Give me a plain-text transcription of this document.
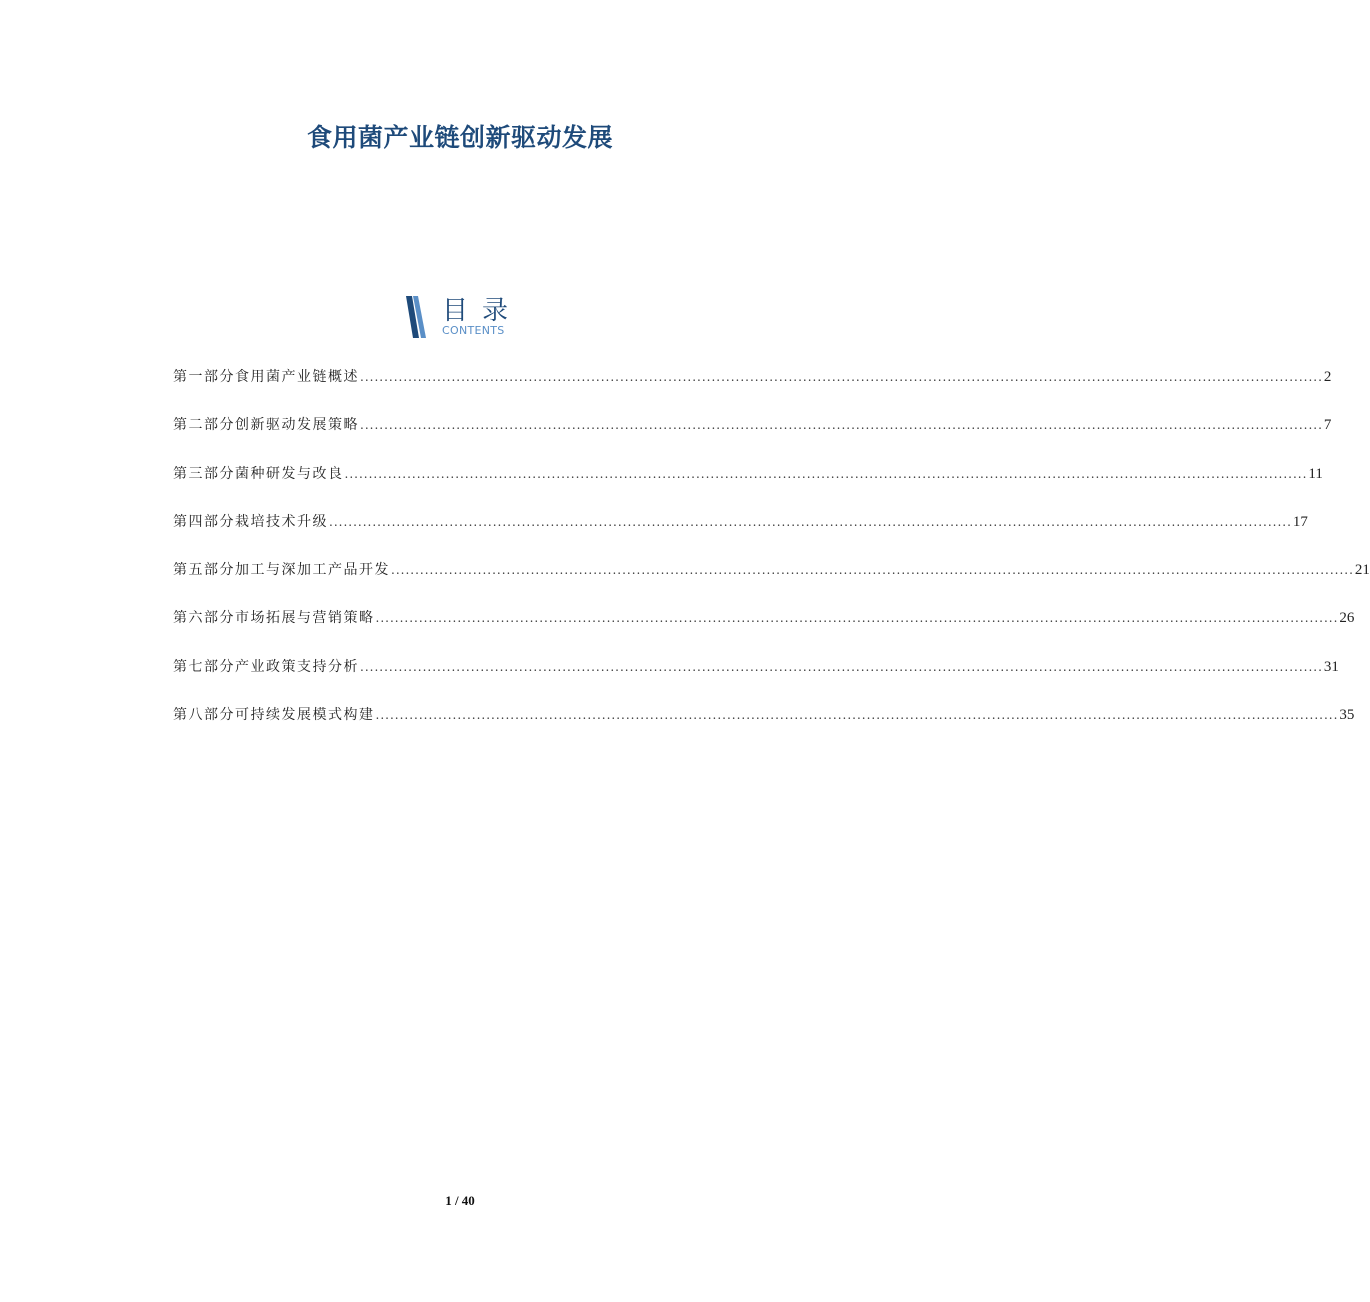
食用菌产业链创新驱动发展
目录
CONTENTS
第一部分 食用菌产业链概述 ........................................................................................................................................................................................................ 2
第二部分 创新驱动发展策略 ........................................................................................................................................................................................................ 7
第三部分 菌种研发与改良 ........................................................................................................................................................................................................ 11
第四部分 栽培技术升级 ........................................................................................................................................................................................................ 17
第五部分 加工与深加工产品开发 ........................................................................................................................................................................................................ 21
第六部分 市场拓展与营销策略 ........................................................................................................................................................................................................ 26
第七部分 产业政策支持分析 ........................................................................................................................................................................................................ 31
第八部分 可持续发展模式构建 ........................................................................................................................................................................................................ 35
1 / 40
